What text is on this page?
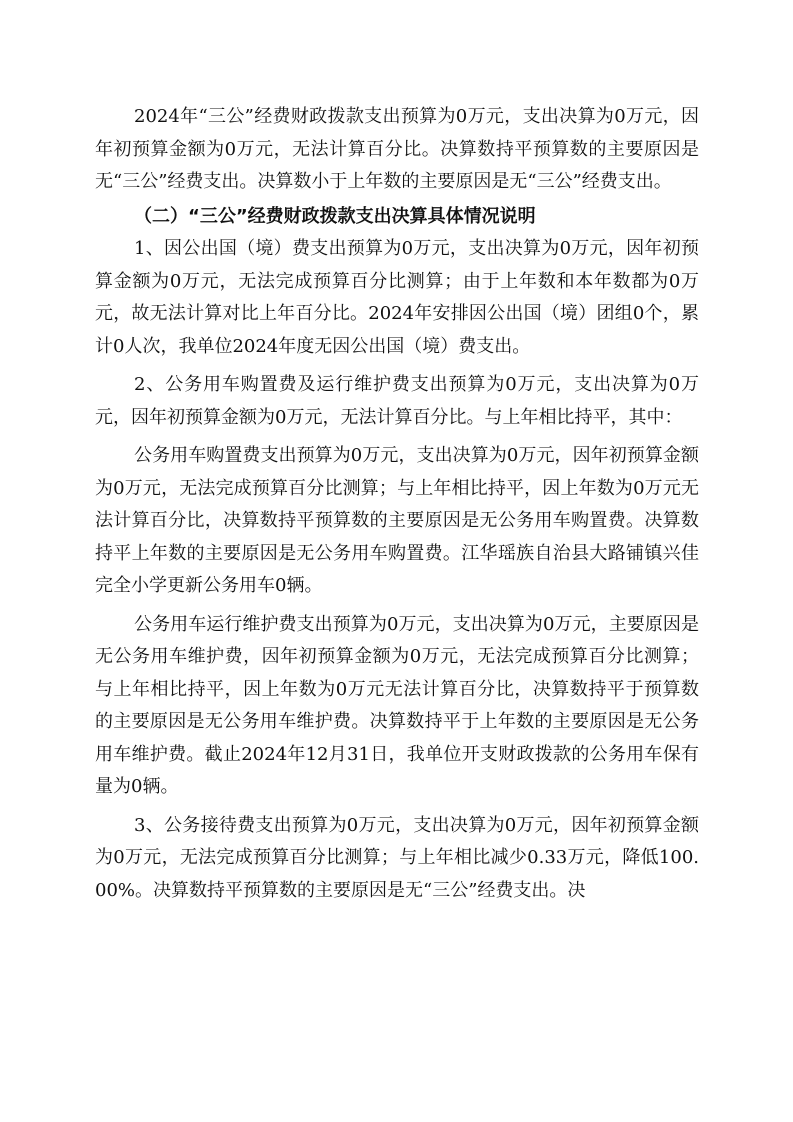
2024年“三公”经费财政拨款支出预算为0万元，支出决算为0万元，因年初预算金额为0万元，无法计算百分比。决算数持平预算数的主要原因是无“三公”经费支出。决算数小于上年数的主要原因是无“三公”经费支出。

（二）“三公”经费财政拨款支出决算具体情况说明

1、因公出国（境）费支出预算为0万元，支出决算为0万元，因年初预算金额为0万元，无法完成预算百分比测算；由于上年数和本年数都为0万元，故无法计算对比上年百分比。2024年安排因公出国（境）团组0个，累计0人次，我单位2024年度无因公出国（境）费支出。

2、公务用车购置费及运行维护费支出预算为0万元，支出决算为0万元，因年初预算金额为0万元，无法计算百分比。与上年相比持平，其中：

公务用车购置费支出预算为0万元，支出决算为0万元，因年初预算金额为0万元，无法完成预算百分比测算；与上年相比持平，因上年数为0万元无法计算百分比，决算数持平预算数的主要原因是无公务用车购置费。决算数持平上年数的主要原因是无公务用车购置费。江华瑶族自治县大路铺镇兴佳完全小学更新公务用车0辆。

公务用车运行维护费支出预算为0万元，支出决算为0万元，主要原因是无公务用车维护费，因年初预算金额为0万元，无法完成预算百分比测算；与上年相比持平，因上年数为0万元无法计算百分比，决算数持平于预算数的主要原因是无公务用车维护费。决算数持平于上年数的主要原因是无公务用车维护费。截止2024年12月31日，我单位开支财政拨款的公务用车保有量为0辆。

3、公务接待费支出预算为0万元，支出决算为0万元，因年初预算金额为0万元，无法完成预算百分比测算；与上年相比减少0.33万元，降低100.00%。决算数持平预算数的主要原因是无“三公”经费支出。决
